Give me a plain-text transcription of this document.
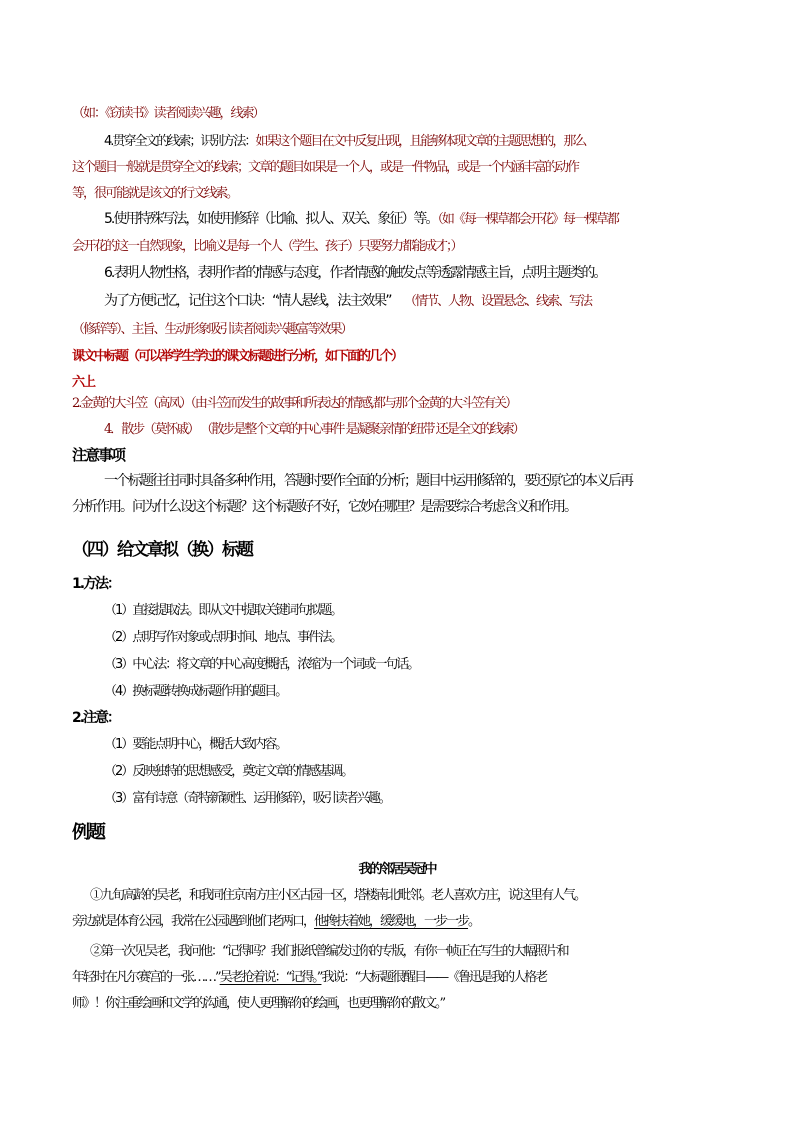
（如：《窃读书》读者阅读兴趣，线索）
4.贯穿全文的线索；识别方法：如果这个题目在文中反复出现，且能够体现文章的主题思想的，那么
这个题目一般就是贯穿全文的线索；文章的题目如果是一个人，或是一件物品，或是一个内涵丰富的动作
等，很可能就是该文的行文线索。
5.使用特殊写法，如使用修辞（比喻、拟人、双关、象征）等。（如《每一棵草都会开花》每一棵草都
会开花的这一自然现象，比喻义是每一个人（学生、孩子）只要努力都能成才；）
6.表明人物性格，表明作者的情感与态度，作者情感的触发点等透露情感主旨，点明主题类的。
为了方便记忆，记住这个口诀：“情人悬线，法主效果” （情节、人物、设置悬念、线索、写法
（修辞等）、主旨、生动形象吸引读者阅读兴趣富等效果）
课文中标题（可以举学生学过的课文标题进行分析，如下面的几个）
六上
2.金黄的大斗笠（高凤）（由斗笠而发生的故事和所表达的情感,都与那个金黄的大斗笠有关）
4．散步（莫怀戚） （散步是整个文章的中心事件 是凝聚亲情的纽带 还是全文的线索）
注意事项
一个标题往往同时具备多种作用，答题时要作全面的分析；题目中运用修辞的，要还原它的本义后再
分析作用。问为什么设这个标题？这个标题好不好，它妙在哪里？是需要综合考虑含义和作用。
（四）给文章拟（换）标题
1.方法：
（1）直接提取法。即从文中提取关键词句拟题。
（2）点明写作对象或点明时间、地点、事件法。
（3）中心法：将文章的中心高度概括，浓缩为一个词或一句话。
（4）换标题转换成标题作用的题目。
2.注意：
（1）要能点明中心，概括大致内容。
（2）反映独特的思想感受，奠定文章的情感基调。
（3）富有诗意（奇特新颖性、运用修辞），吸引读者兴趣。
例题
我的邻居吴冠中
①九旬高龄的吴老，和我同住京南方庄小区古园一区，塔楼南北毗邻。老人喜欢方庄，说这里有人气。
旁边就是体育公园，我常在公园遇到他们老两口，他搀扶着她，缓缓地，一步一步。
②第一次见吴老，我问他：“记得吗？我们报纸曾编发过你的专版，有你一帧正在写生的大幅照片和
年轻时在凡尔赛宫的一张……”吴老抢着说：“记得。”我说：“大标题很醒目——《鲁迅是我的人格老
师》！你注重绘画和文学的沟通，使人更理解你的绘画，也更理解你的散文。”
